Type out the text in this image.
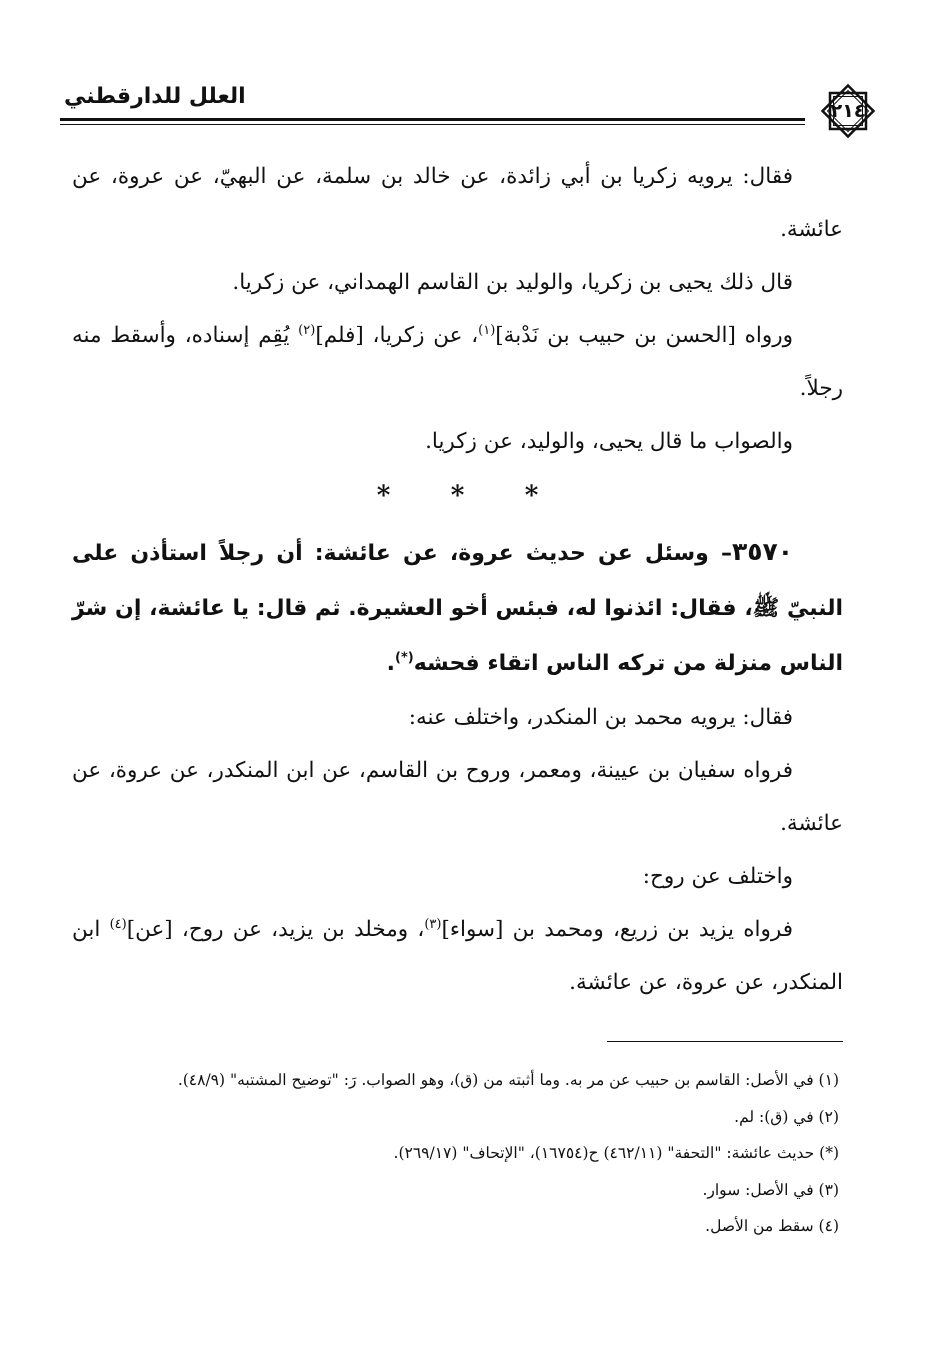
العلل للدارقطني
٢١٤

فقال: يرويه زكريا بن أبي زائدة، عن خالد بن سلمة، عن البهيّ، عن عروة، عن عائشة.

قال ذلك يحيى بن زكريا، والوليد بن القاسم الهمداني، عن زكريا.

ورواه [الحسن بن حبيب بن نَدْبة]$^{(١)}$، عن زكريا، [فلم]$^{(٢)}$ يُقِم إسناده، وأسقط منه رجلاً.

والصواب ما قال يحيى، والوليد، عن زكريا.

* * *

٣٥٧٠– وسئل عن حديث عروة، عن عائشة: أن رجلاً استأذن على النبيّ ﷺ، فقال: ائذنوا له، فبئس أخو العشيرة. ثم قال: يا عائشة، إن شرّ الناس منزلة من تركه الناس اتقاء فحشه(*).

فقال: يرويه محمد بن المنكدر، واختلف عنه:

فرواه سفيان بن عيينة، ومعمر، وروح بن القاسم، عن ابن المنكدر، عن عروة، عن عائشة.

واختلف عن روح:

فرواه يزيد بن زريع، ومحمد بن [سواء]$^{(٣)}$، ومخلد بن يزيد، عن روح، [عن]$^{(٤)}$ ابن المنكدر، عن عروة، عن عائشة.

(١) في الأصل: القاسم بن حبيب عن مر به. وما أثبته من (ق)، وهو الصواب. رَ: "توضيح المشتبه" (٤٨/٩).

(٢) في (ق): لم.

(*) حديث عائشة: "التحفة" (٤٦٢/١١) ح(١٦٧٥٤)، "الإتحاف" (٢٦٩/١٧).

(٣) في الأصل: سوار.

(٤) سقط من الأصل.
